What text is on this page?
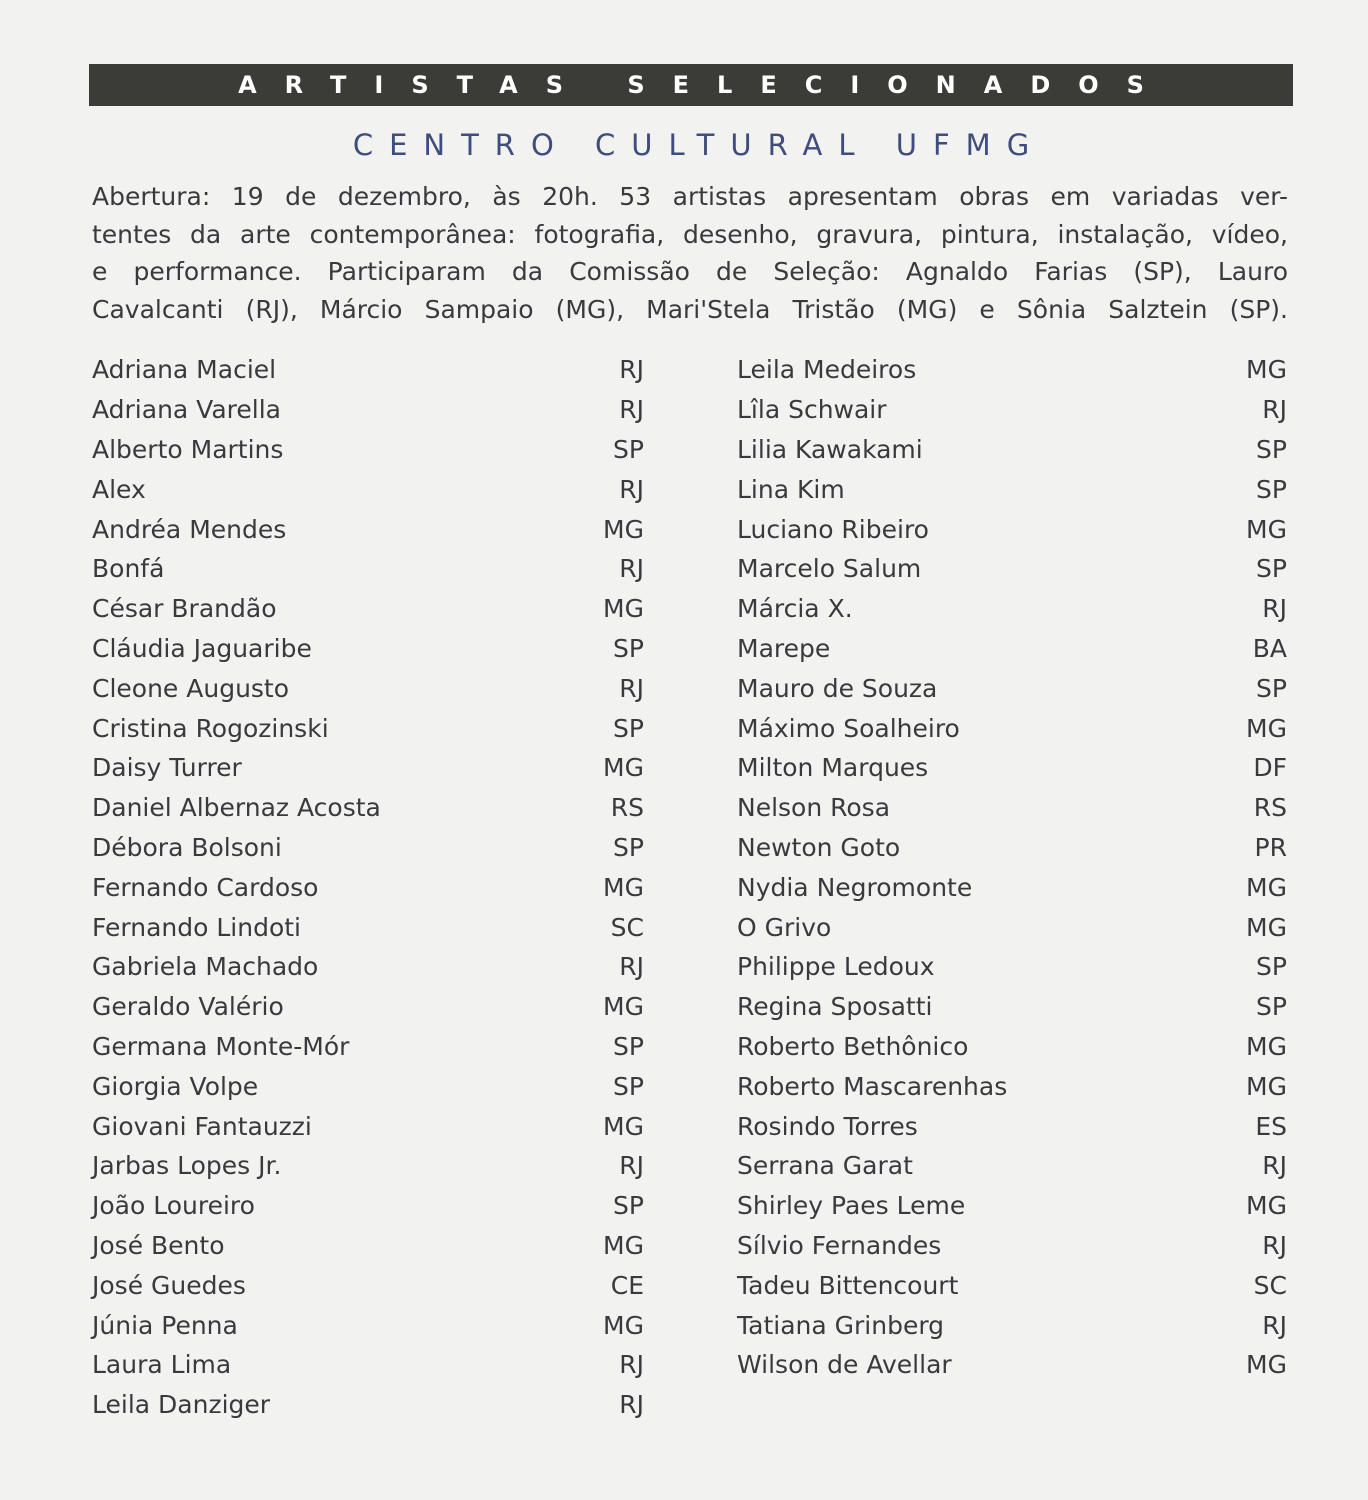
ARTISTAS SELECIONADOS
CENTRO CULTURAL UFMG
Abertura: 19 de dezembro, às 20h. 53 artistas apresentam obras em variadas ver-
tentes da arte contemporânea: fotografia, desenho, gravura, pintura, instalação, vídeo,
e performance. Participaram da Comissão de Seleção: Agnaldo Farias (SP), Lauro
Cavalcanti (RJ), Márcio Sampaio (MG), Mari'Stela Tristão (MG) e Sônia Salztein (SP).
Adriana Maciel	RJ
Adriana Varella	RJ
Alberto Martins	SP
Alex	RJ
Andréa Mendes	MG
Bonfá	RJ
César Brandão	MG
Cláudia Jaguaribe	SP
Cleone Augusto	RJ
Cristina Rogozinski	SP
Daisy Turrer	MG
Daniel Albernaz Acosta	RS
Débora Bolsoni	SP
Fernando Cardoso	MG
Fernando Lindoti	SC
Gabriela Machado	RJ
Geraldo Valério	MG
Germana Monte-Mór	SP
Giorgia Volpe	SP
Giovani Fantauzzi	MG
Jarbas Lopes Jr.	RJ
João Loureiro	SP
José Bento	MG
José Guedes	CE
Júnia Penna	MG
Laura Lima	RJ
Leila Danziger	RJ
Leila Medeiros	MG
Lîla Schwair	RJ
Lilia Kawakami	SP
Lina Kim	SP
Luciano Ribeiro	MG
Marcelo Salum	SP
Márcia X.	RJ
Marepe	BA
Mauro de Souza	SP
Máximo Soalheiro	MG
Milton Marques	DF
Nelson Rosa	RS
Newton Goto	PR
Nydia Negromonte	MG
O Grivo	MG
Philippe Ledoux	SP
Regina Sposatti	SP
Roberto Bethônico	MG
Roberto Mascarenhas	MG
Rosindo Torres	ES
Serrana Garat	RJ
Shirley Paes Leme	MG
Sílvio Fernandes	RJ
Tadeu Bittencourt	SC
Tatiana Grinberg	RJ
Wilson de Avellar	MG
